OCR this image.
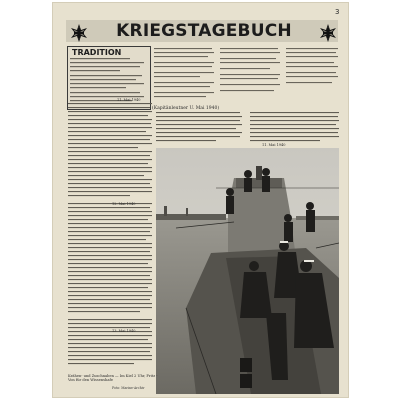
3
KRIEGSTAGEBUCH
TRADITION
(Kapitänleutner U. Mai 1940)
11. Mai 1940
11. Mai 1940
12. Mai 1940
13. Mai 1940
Krähen- und Zuschnaben — Im Kiel 2 Uhr, Fritz - Von für den Wissenshafe
Foto: Marine-Archiv
